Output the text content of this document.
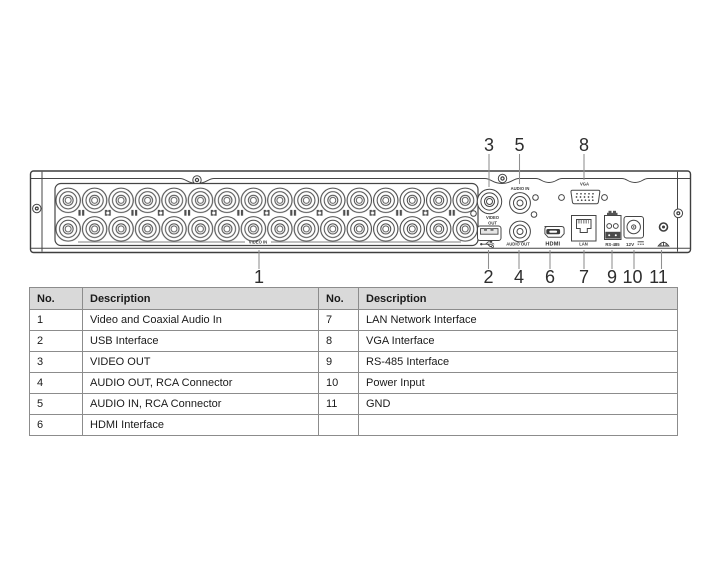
VIDEO IN
VIDEO
OUT
AUDIO IN
AUDIO OUT	HDMI	LAN
VGA
RS-485 12V
3 5	8
1	2 4 6 7 9 10 11
No.	Description	No.	Description
1	Video and Coaxial Audio In	7	LAN Network Interface
2	USB Interface	8	VGA Interface
3	VIDEO OUT	9	RS-485 Interface
4	AUDIO OUT, RCA Connector	10	Power Input
5	AUDIO IN, RCA Connector	11	GND
6	HDMI Interface		
